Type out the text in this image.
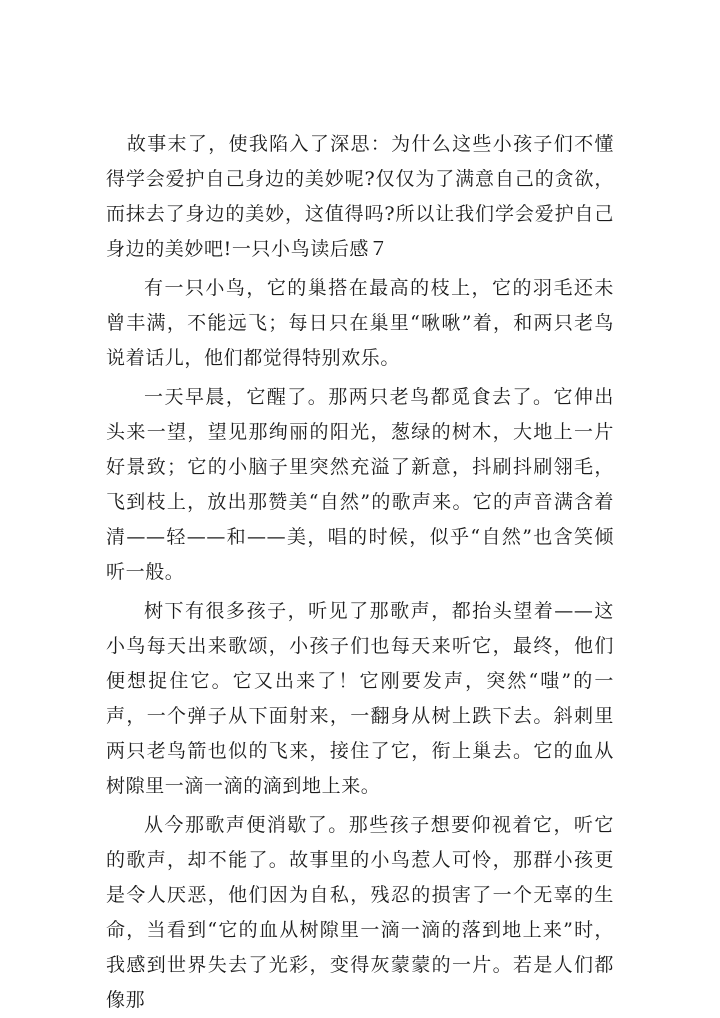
故事末了，使我陷入了深思：为什么这些小孩子们不懂得学会爱护自己身边的美妙呢?仅仅为了满意自己的贪欲，而抹去了身边的美妙，这值得吗?所以让我们学会爱护自己身边的美妙吧!一只小鸟读后感７

有一只小鸟，它的巢搭在最高的枝上，它的羽毛还未曾丰满，不能远飞；每日只在巢里“啾啾”着，和两只老鸟说着话儿，他们都觉得特别欢乐。

一天早晨，它醒了。那两只老鸟都觅食去了。它伸出头来一望，望见那绚丽的阳光，葱绿的树木，大地上一片好景致；它的小脑子里突然充溢了新意，抖刷抖刷翎毛，飞到枝上，放出那赞美“自然”的歌声来。它的声音满含着清——轻——和——美，唱的时候，似乎“自然”也含笑倾听一般。

树下有很多孩子，听见了那歌声，都抬头望着——这小鸟每天出来歌颂，小孩子们也每天来听它，最终，他们便想捉住它。它又出来了！它刚要发声，突然“嗤”的一声，一个弹子从下面射来，一翻身从树上跌下去。斜刺里两只老鸟箭也似的飞来，接住了它，衔上巢去。它的血从树隙里一滴一滴的滴到地上来。

从今那歌声便消歇了。那些孩子想要仰视着它，听它的歌声，却不能了。故事里的小鸟惹人可怜，那群小孩更是令人厌恶，他们因为自私，残忍的损害了一个无辜的生命，当看到“它的血从树隙里一滴一滴的落到地上来”时，我感到世界失去了光彩，变得灰蒙蒙的一片。若是人们都像那
